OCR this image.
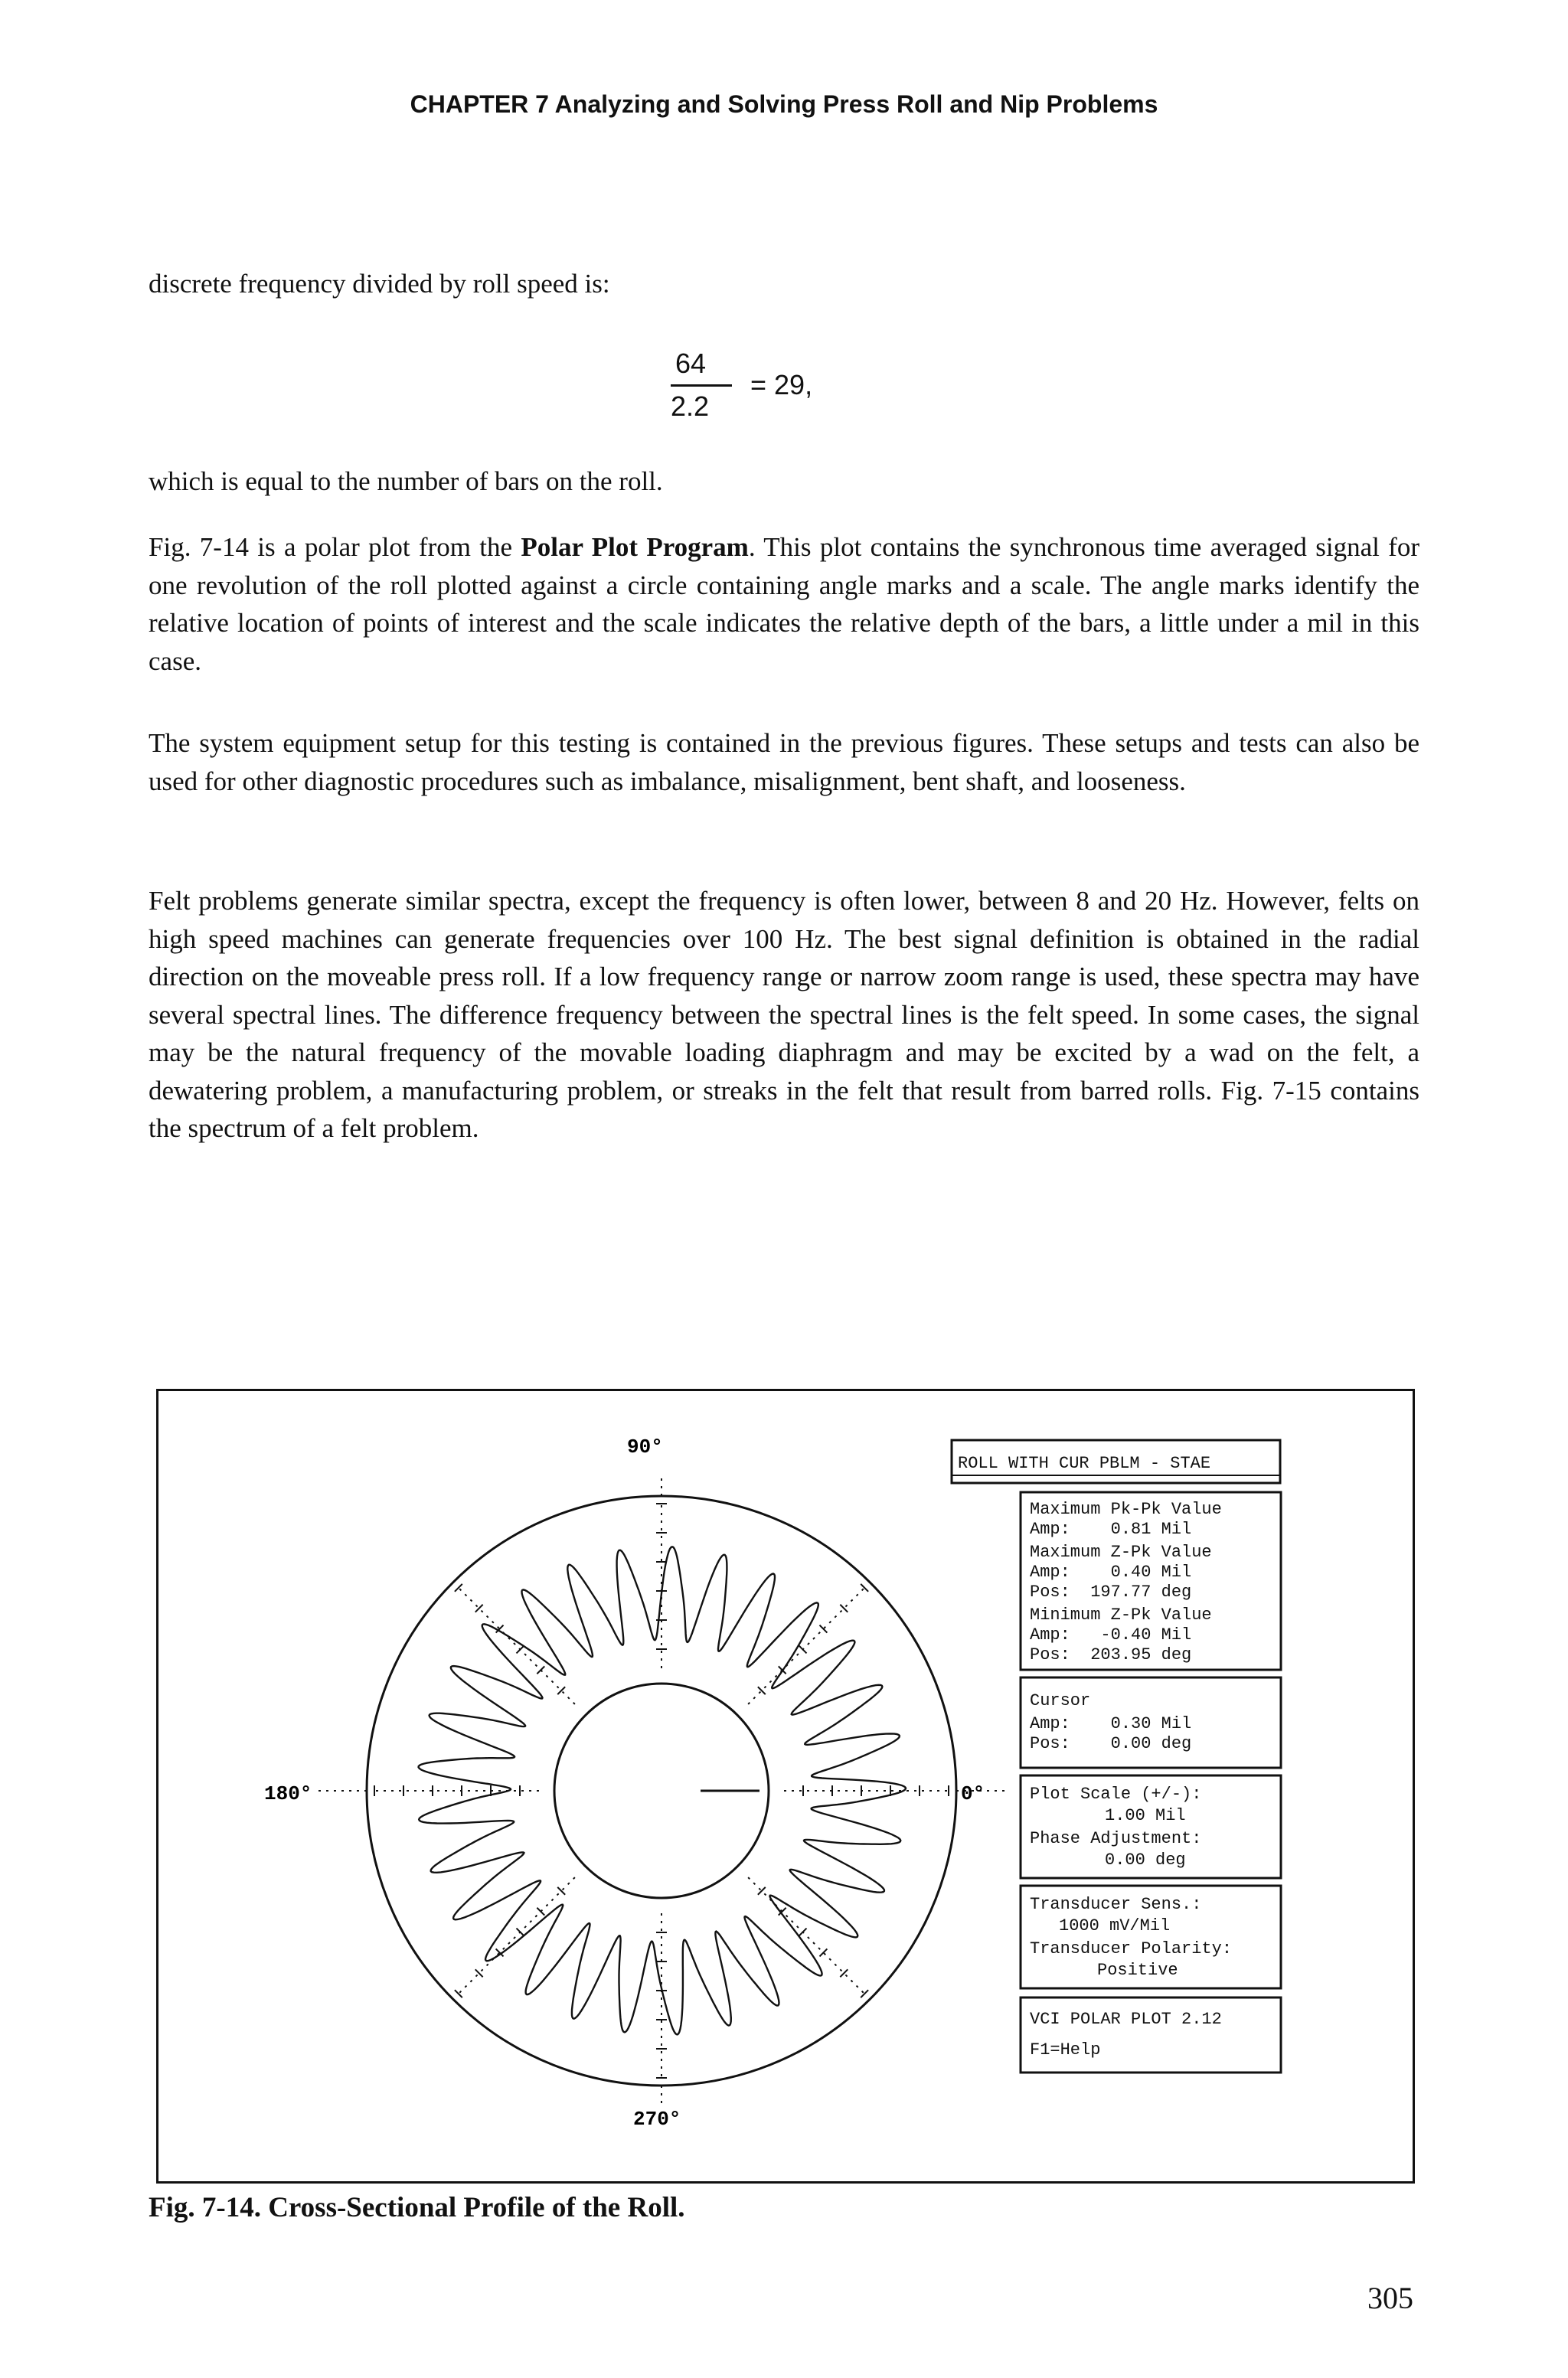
CHAPTER 7 Analyzing and Solving Press Roll and Nip Problems
discrete frequency divided by roll speed is:
64
2.2
= 29,
which is equal to the number of bars on the roll.
Fig. 7-14 is a polar plot from the Polar Plot Program. This plot contains the synchronous time averaged signal for one revolution of the roll plotted against a circle containing angle marks and a scale. The angle marks identify the relative location of points of interest and the scale indicates the relative depth of the bars, a little under a mil in this case.
The system equipment setup for this testing is contained in the previous figures. These setups and tests can also be used for other diagnostic procedures such as imbalance, misalignment, bent shaft, and looseness.
Felt problems generate similar spectra, except the frequency is often lower, between 8 and 20 Hz. However, felts on high speed machines can generate frequencies over 100 Hz. The best signal definition is obtained in the radial direction on the moveable press roll. If a low frequency range or narrow zoom range is used, these spectra may have several spectral lines. The difference frequency between the spectral lines is the felt speed. In some cases, the signal may be the natural frequency of the movable loading diaphragm and may be excited by a wad on the felt, a dewatering problem, a manufacturing problem, or streaks in the felt that result from barred rolls. Fig. 7-15 contains the spectrum of a felt problem.
90°
180°	0°
270°
ROLL WITH CUR PBLM - STAE
Maximum Pk-Pk Value
Amp:    0.81 Mil
Maximum Z-Pk Value
Amp:    0.40 Mil
Pos:  197.77 deg
Minimum Z-Pk Value
Amp:   -0.40 Mil
Pos:  203.95 deg
Cursor
Amp:    0.30 Mil
Pos:    0.00 deg
Plot Scale (+/-):
1.00 Mil
Phase Adjustment:
0.00 deg
Transducer Sens.:
1000 mV/Mil
Transducer Polarity:
Positive
VCI POLAR PLOT 2.12
F1=Help
Fig. 7-14. Cross-Sectional Profile of the Roll.
305
